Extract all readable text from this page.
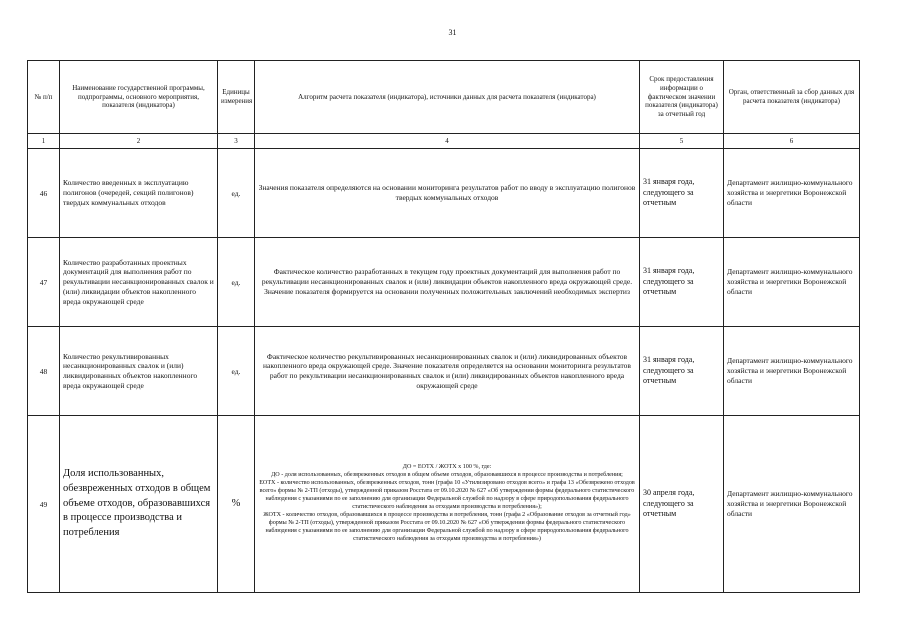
31
№ п/п	Наименование государственной программы, подпрограммы, основного мероприятия, показателя (индикатора)	Единицы измерения	Алгоритм расчета показателя (индикатора), источники данных для расчета показателя (индикатора)	Срок предоставления информации о фактическом значении показателя (индикатора) за отчетный год	Орган, ответственный за сбор данных для расчета показателя (индикатора)
1	2	3	4	5	6
46	Количество введенных в эксплуатацию полигонов (очередей, секций полигонов) твердых коммунальных отходов	ед.	Значения показателя определяются на основании мониторинга результатов работ по вводу в эксплуатацию полигонов твердых коммунальных отходов	31 января года, следующего за отчетным	Департамент жилищно-коммунального хозяйства и энергетики Воронежской области
47	Количество разработанных проектных документаций для выполнения работ по рекультивации несанкционированных свалок и (или) ликвидации объектов накопленного вреда окружающей среде	ед.	Фактическое количество разработанных в текущем году проектных документаций для выполнения работ по рекультивации несанкционированных свалок и (или) ликвидации объектов накопленного вреда окружающей среде. Значение показателя формируется на основании полученных положительных заключений необходимых экспертиз	31 января года, следующего за отчетным	Департамент жилищно-коммунального хозяйства и энергетики Воронежской области
48	Количество рекультивированных несанкционированных свалок и (или) ликвидированных объектов накопленного вреда окружающей среде	ед.	Фактическое количество рекультивированных несанкционированных свалок и (или) ликвидированных объектов накопленного вреда окружающей среде. Значение показателя определяется на основании мониторинга результатов работ по рекультивации несанкционированных свалок и (или) ликвидированных объектов накопленного вреда окружающей среде	31 января года, следующего за отчетным	Департамент жилищно-коммунального хозяйства и энергетики Воронежской области
49	Доля использованных, обезвреженных отходов в общем объеме отходов, образовавшихся в процессе производства и потребления	%	ДО = ЕОТХ / ЖОТХ х 100 %, где:
ДО - доля использованных, обезвреженных отходов в общем объеме отходов, образовавшихся в процессе производства и потребления;
ЕОТХ - количество использованных, обезвреженных отходов, тонн (графа 10 «Утилизировано отходов всего» и графа 13 «Обезврежено отходов всего» формы № 2-ТП (отходы), утвержденной приказом Росстата от 09.10.2020 № 627 «Об утверждении формы федерального статистического наблюдения с указаниями по ее заполнению для организации Федеральной службой по надзору в сфере природопользования федерального статистического наблюдения за отходами производства и потребления»);
ЖОТХ - количество отходов, образовавшихся в процессе производства и потребления, тонн (графа 2 «Образование отходов за отчетный год» формы № 2-ТП (отходы), утвержденной приказом Росстата от 09.10.2020 № 627 «Об утверждении формы федерального статистического наблюдения с указаниями по ее заполнению для организации Федеральной службой по надзору в сфере природопользования федерального статистического наблюдения за отходами производства и потребления»)	30 апреля года, следующего за отчетным	Департамент жилищно-коммунального хозяйства и энергетики Воронежской области
